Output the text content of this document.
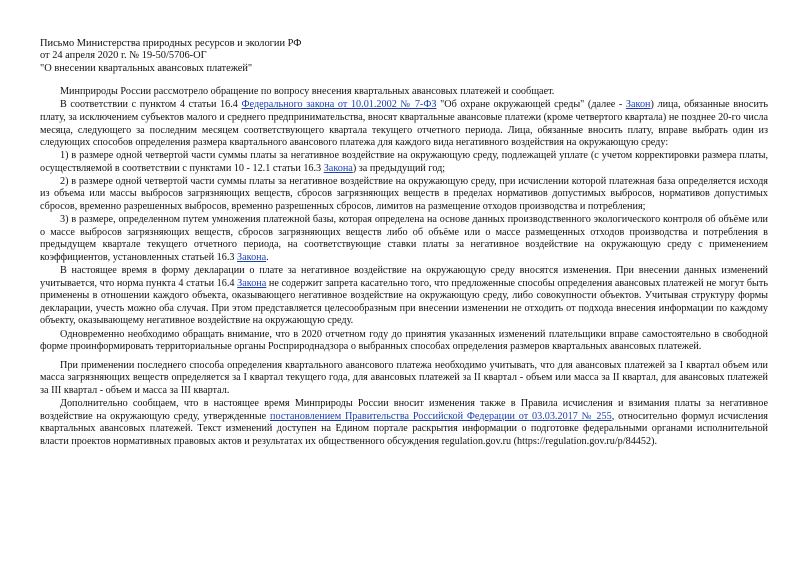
Письмо Министерства природных ресурсов и экологии РФ
от 24 апреля 2020 г. № 19-50/5706-ОГ
"О внесении квартальных авансовых платежей"

Минприроды России рассмотрело обращение по вопросу внесения квартальных авансовых платежей и сообщает.

В соответствии с пунктом 4 статьи 16.4 Федерального закона от 10.01.2002 № 7-ФЗ "Об охране окружающей среды" (далее - Закон) лица, обязанные вносить плату, за исключением субъектов малого и среднего предпринимательства, вносят квартальные авансовые платежи (кроме четвертого квартала) не позднее 20-го числа месяца, следующего за последним месяцем соответствующего квартала текущего отчетного периода. Лица, обязанные вносить плату, вправе выбрать один из следующих способов определения размера квартального авансового платежа для каждого вида негативного воздействия на окружающую среду:

1) в размере одной четвертой части суммы платы за негативное воздействие на окружающую среду, подлежащей уплате (с учетом корректировки размера платы, осуществляемой в соответствии с пунктами 10 - 12.1 статьи 16.3 Закона) за предыдущий год;

2) в размере одной четвертой части суммы платы за негативное воздействие на окружающую среду, при исчислении которой платежная база определяется исходя из объема или массы выбросов загрязняющих веществ, сбросов загрязняющих веществ в пределах нормативов допустимых выбросов, нормативов допустимых сбросов, временно разрешенных выбросов, временно разрешенных сбросов, лимитов на размещение отходов производства и потребления;

3) в размере, определенном путем умножения платежной базы, которая определена на основе данных производственного экологического контроля об объёме или о массе выбросов загрязняющих веществ, сбросов загрязняющих веществ либо об объёме или о массе размещенных отходов производства и потребления в предыдущем квартале текущего отчетного периода, на соответствующие ставки платы за негативное воздействие на окружающую среду с применением коэффициентов, установленных статьей 16.3 Закона.

В настоящее время в форму декларации о плате за негативное воздействие на окружающую среду вносятся изменения. При внесении данных изменений учитывается, что норма пункта 4 статьи 16.4 Закона не содержит запрета касательно того, что предложенные способы определения авансовых платежей не могут быть применены в отношении каждого объекта, оказывающего негативное воздействие на окружающую среду, либо совокупности объектов. Учитывая структуру формы декларации, учесть можно оба случая. При этом представляется целесообразным при внесении изменении не отходить от подхода внесения информации по каждому объекту, оказывающему негативное воздействие на окружающую среду.

Одновременно необходимо обращать внимание, что в 2020 отчетном году до принятия указанных изменений плательщики вправе самостоятельно в свободной форме проинформировать территориальные органы Росприроднадзора о выбранных способах определения размеров квартальных авансовых платежей.

При применении последнего способа определения квартального авансового платежа необходимо учитывать, что для авансовых платежей за I квартал объем или масса загрязняющих веществ определяется за I квартал текущего года, для авансовых платежей за II квартал - объем или масса за II квартал, для авансовых платежей за III квартал - объем и масса за III квартал.

Дополнительно сообщаем, что в настоящее время Минприроды России вносит изменения также в Правила исчисления и взимания платы за негативное воздействие на окружающую среду, утвержденные постановлением Правительства Российской Федерации от 03.03.2017 № 255, относительно формул исчисления квартальных авансовых платежей. Текст изменений доступен на Едином портале раскрытия информации о подготовке федеральными органами исполнительной власти проектов нормативных правовых актов и результатах их общественного обсуждения regulation.gov.ru (https://regulation.gov.ru/p/84452).
